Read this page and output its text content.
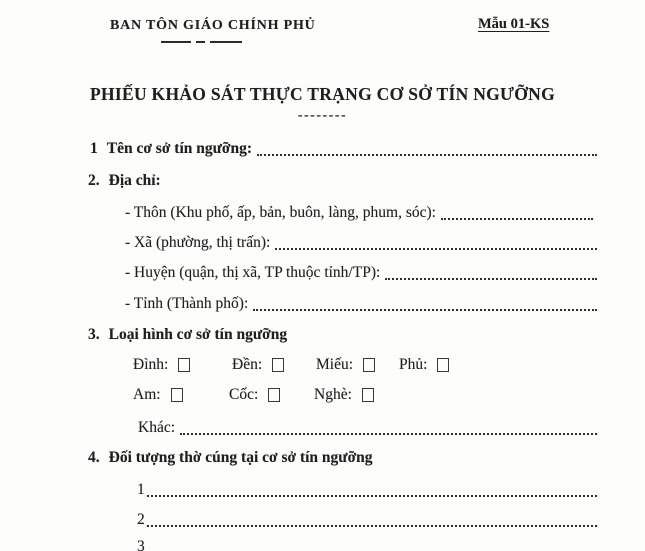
BAN TÔN GIÁO CHÍNH PHỦ	Mẫu 01-KS
PHIẾU KHẢO SÁT THỰC TRẠNG CƠ SỞ TÍN NGƯỠNG
--------
1 Tên cơ sở tín ngưỡng:
2. Địa chỉ:
- Thôn (Khu phố, ấp, bản, buôn, làng, phum, sóc):
- Xã (phường, thị trấn):
- Huyện (quận, thị xã, TP thuộc tỉnh/TP):
- Tỉnh (Thành phố):
3. Loại hình cơ sở tín ngưỡng
Đình:	Đền:	Miếu:	Phủ:
Am:	Cốc:	Nghè:
Khác:
4. Đối tượng thờ cúng tại cơ sở tín ngưỡng
1
2
3
